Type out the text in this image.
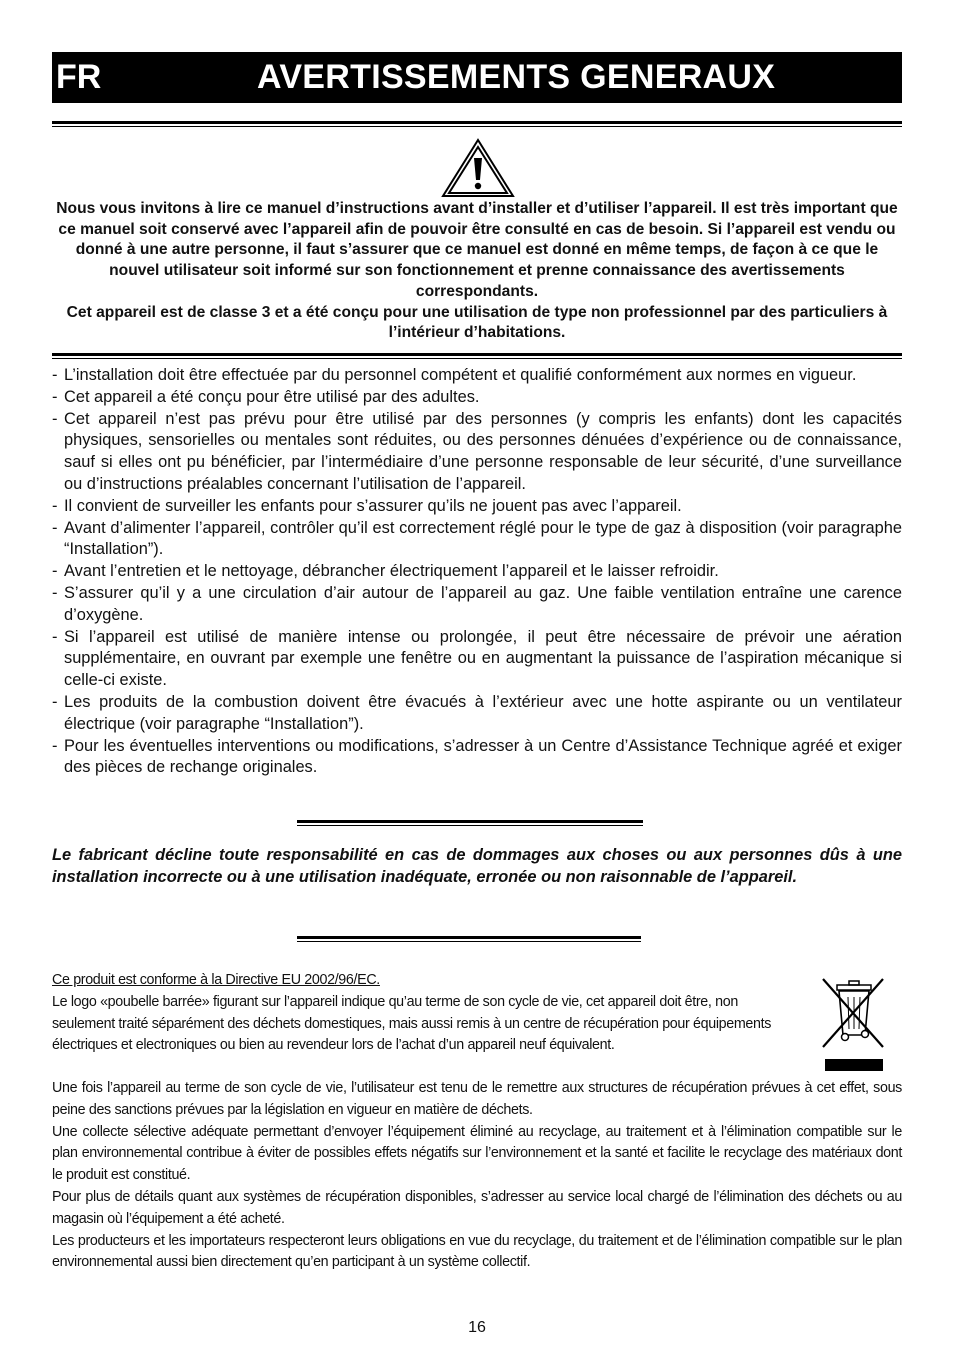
FR	AVERTISSEMENTS GENERAUX

Nous vous invitons à lire ce manuel d’instructions avant d’installer et d’utiliser l’appareil. Il est très important que ce manuel soit conservé avec l’appareil afin de pouvoir être consulté en cas de besoin. Si l’appareil est vendu ou donné à une autre personne, il faut s’assurer que ce manuel est donné en même temps, de façon à ce que le nouvel utilisateur soit informé sur son fonctionnement et prenne connaissance des avertissements correspondants.

Cet appareil est de classe 3 et a été conçu pour une utilisation de type non professionnel par des particuliers à l’intérieur d’habitations.

- L’installation doit être effectuée par du personnel compétent et qualifié conformément aux normes en vigueur.
- Cet appareil a été conçu pour être utilisé par des adultes.
- Cet appareil n’est pas prévu pour être utilisé par des personnes (y compris les enfants) dont les capacités physiques, sensorielles ou mentales sont réduites, ou des personnes dénuées d’expérience ou de connaissance, sauf si elles ont pu bénéficier, par l’intermédiaire d’une personne responsable de leur sécurité, d’une surveillance ou d’instructions préalables concernant l’utilisation de l’appareil.
- Il convient de surveiller les enfants pour s’assurer qu’ils ne jouent pas avec l’appareil.
- Avant d’alimenter l’appareil, contrôler qu’il est correctement réglé pour le type de gaz à disposition (voir paragraphe “Installation”).
- Avant l’entretien et le nettoyage, débrancher électriquement l’appareil et le laisser refroidir.
- S’assurer qu’il y a une circulation d’air autour de l’appareil au gaz. Une faible ventilation entraîne une carence d’oxygène.
- Si l’appareil est utilisé de manière intense ou prolongée, il peut être nécessaire de prévoir une aération supplémentaire, en ouvrant par exemple une fenêtre ou en augmentant la puissance de l’aspiration mécanique si celle-ci existe.
- Les produits de la combustion doivent être évacués à l’extérieur avec une hotte aspirante ou un ventilateur électrique (voir paragraphe “Installation”).
- Pour les éventuelles interventions ou modifications, s’adresser à un Centre d’Assistance Technique agréé et exiger des pièces de rechange originales.

Le fabricant décline toute responsabilité en cas de dommages aux choses ou aux personnes dûs à une installation incorrecte ou à une utilisation inadéquate, erronée ou non raisonnable de l’appareil.

Ce produit est conforme à la Directive EU 2002/96/EC.

Le logo «poubelle barrée» figurant sur l’appareil indique qu’au terme de son cycle de vie, cet appareil doit être, non seulement traité séparément des déchets domestiques, mais aussi remis à un centre de récupération pour équipements électriques et electroniques ou bien au revendeur lors de l’achat d’un appareil neuf équivalent.

Une fois l’appareil au terme de son cycle de vie, l’utilisateur est tenu de le remettre aux structures de récupération prévues à cet effet, sous peine des sanctions prévues par la législation en vigueur en matière de déchets.

Une collecte sélective adéquate permettant d’envoyer l’équipement éliminé au recyclage, au traitement et à l’élimination compatible sur le plan environnemental contribue à éviter de possibles effets négatifs sur l’environnement et la santé et facilite le recyclage des matériaux dont le produit est constitué.

Pour plus de détails quant aux systèmes de récupération disponibles, s’adresser au service local chargé de l’élimination des déchets ou au magasin où l’équipement a été acheté.

Les producteurs et les importateurs respecteront leurs obligations en vue du recyclage, du traitement et de l’élimination compatible sur le plan environnemental aussi bien directement qu’en participant à un système collectif.

16
